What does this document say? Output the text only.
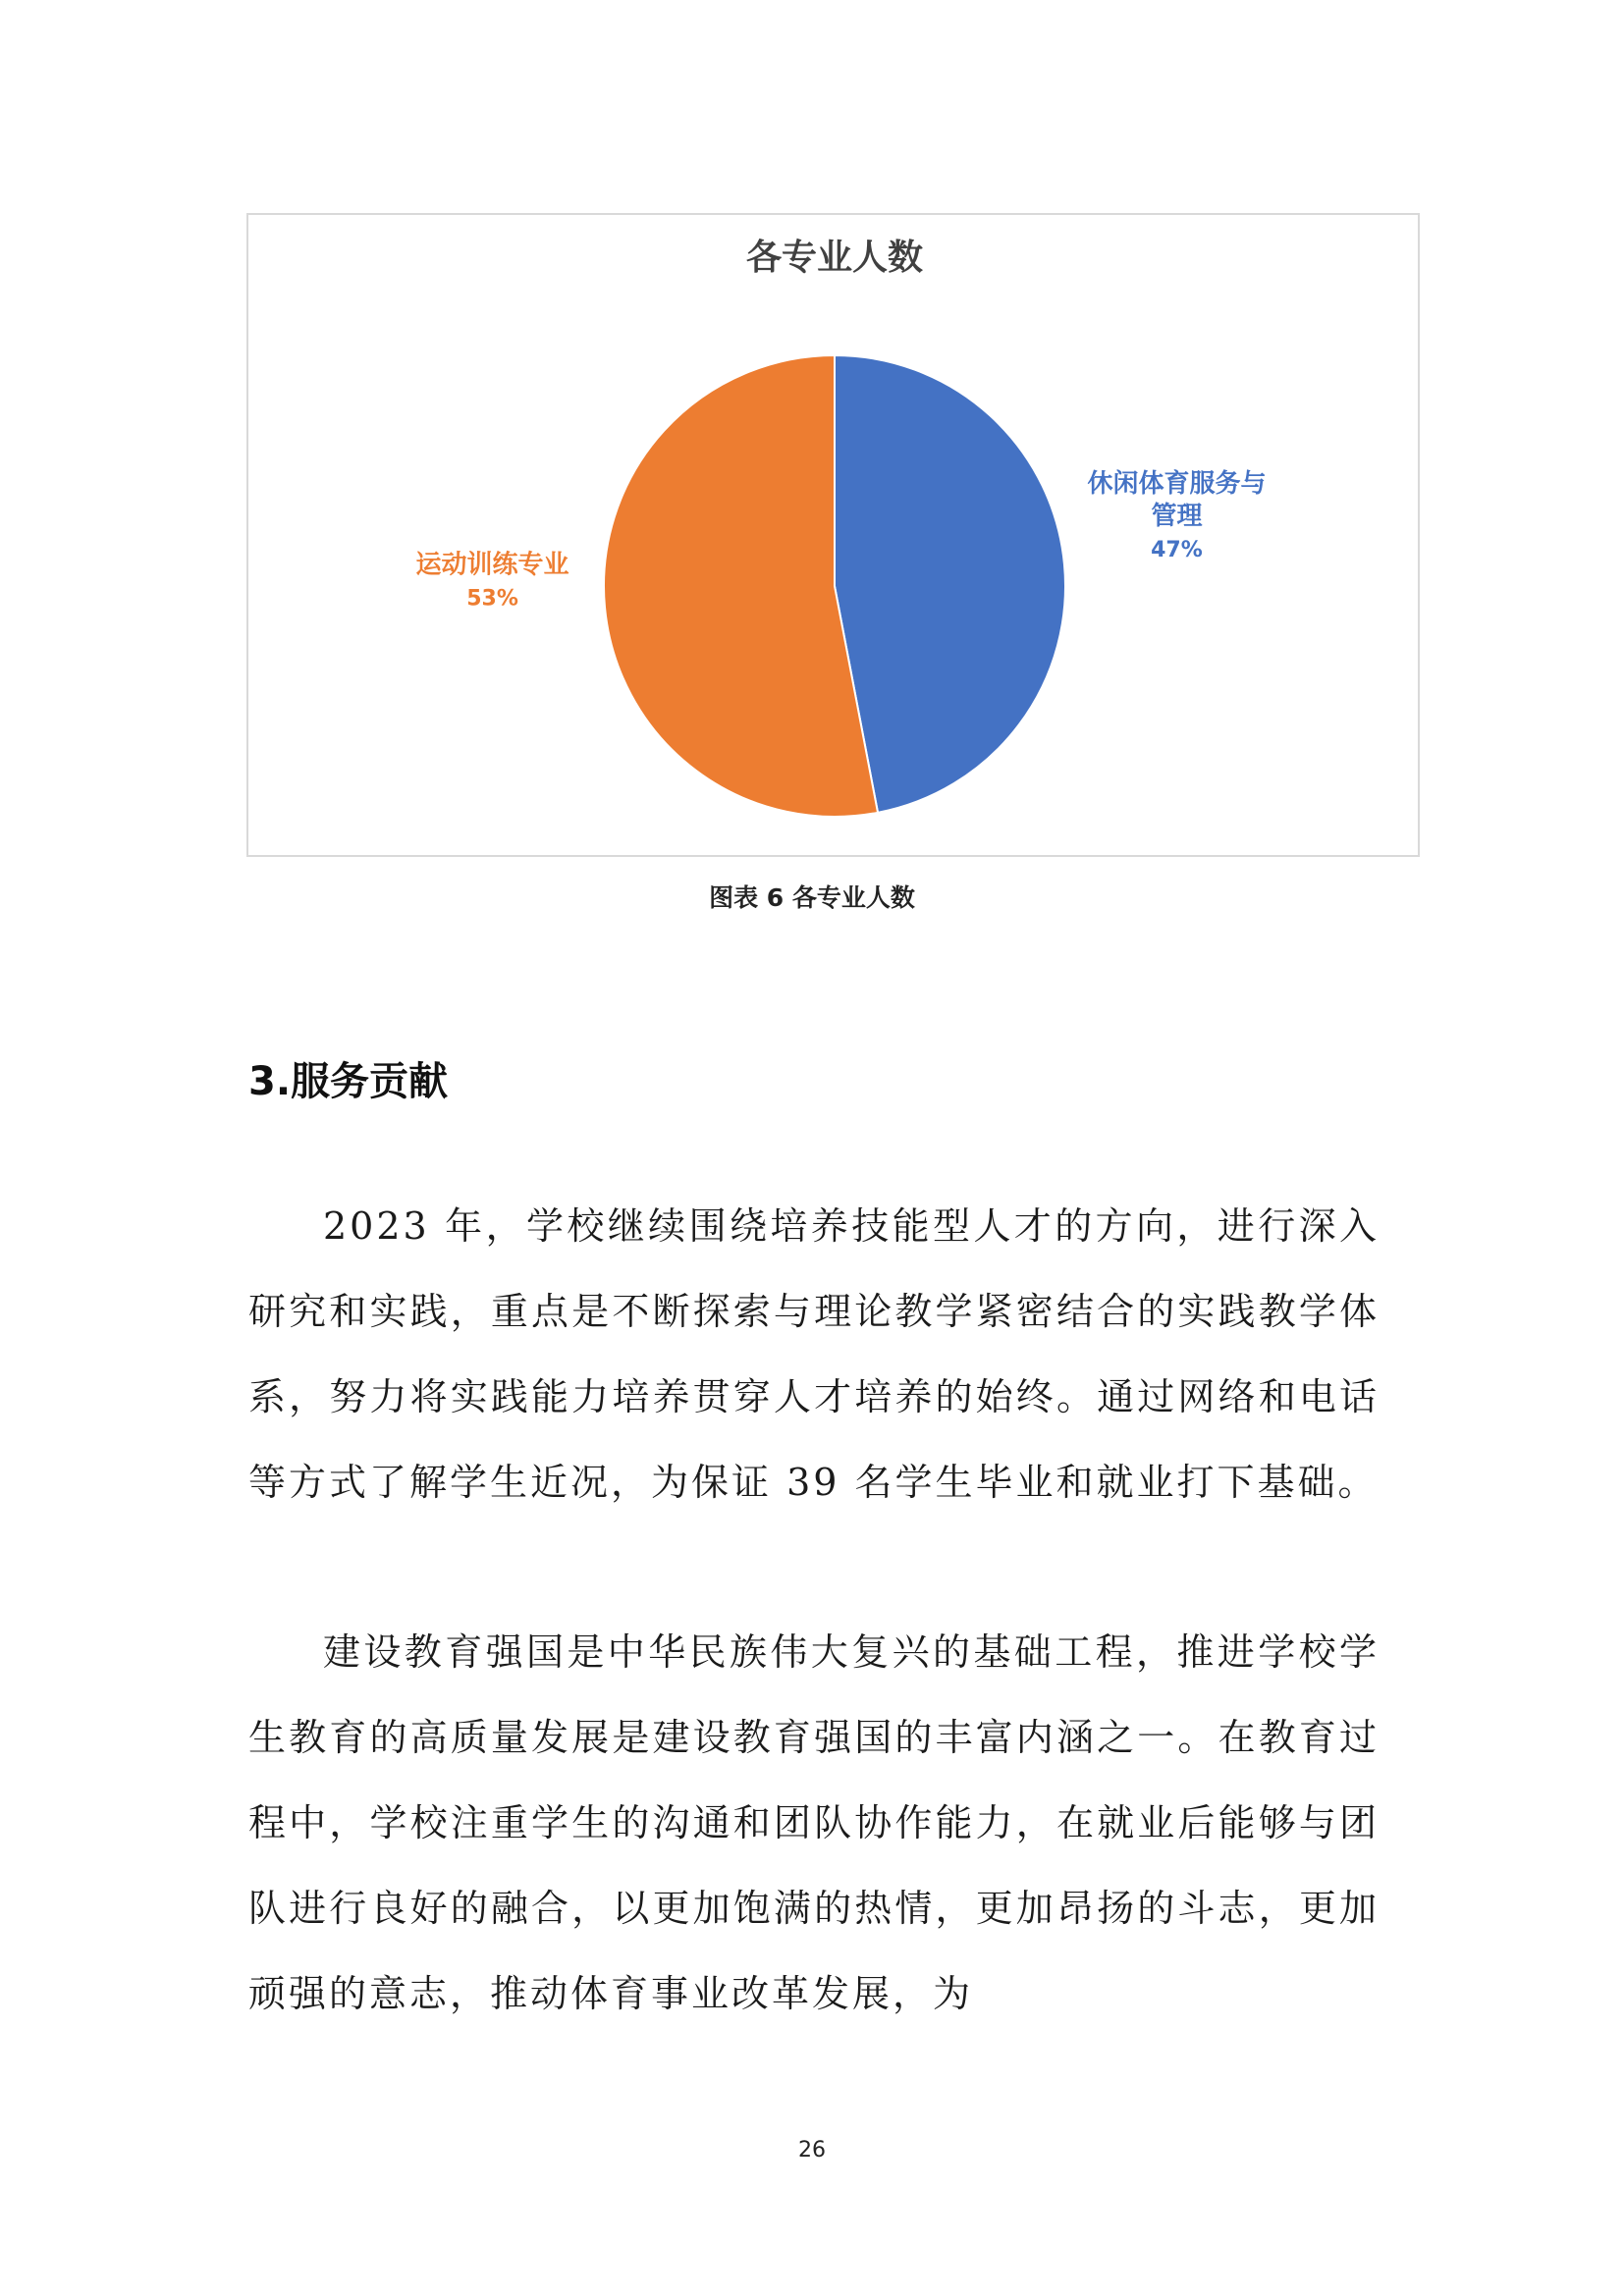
各专业人数
休闲体育服务与
管理
47%
运动训练专业
53%
图表 6 各专业人数
3.服务贡献

2023 年，学校继续围绕培养技能型人才的方向，进行深入研究和实践，重点是不断探索与理论教学紧密结合的实践教学体系，努力将实践能力培养贯穿人才培养的始终。通过网络和电话等方式了解学生近况，为保证 39 名学生毕业和就业打下基础。

建设教育强国是中华民族伟大复兴的基础工程，推进学校学生教育的高质量发展是建设教育强国的丰富内涵之一。在教育过程中，学校注重学生的沟通和团队协作能力，在就业后能够与团队进行良好的融合，以更加饱满的热情，更加昂扬的斗志，更加顽强的意志，推动体育事业改革发展，为

26
